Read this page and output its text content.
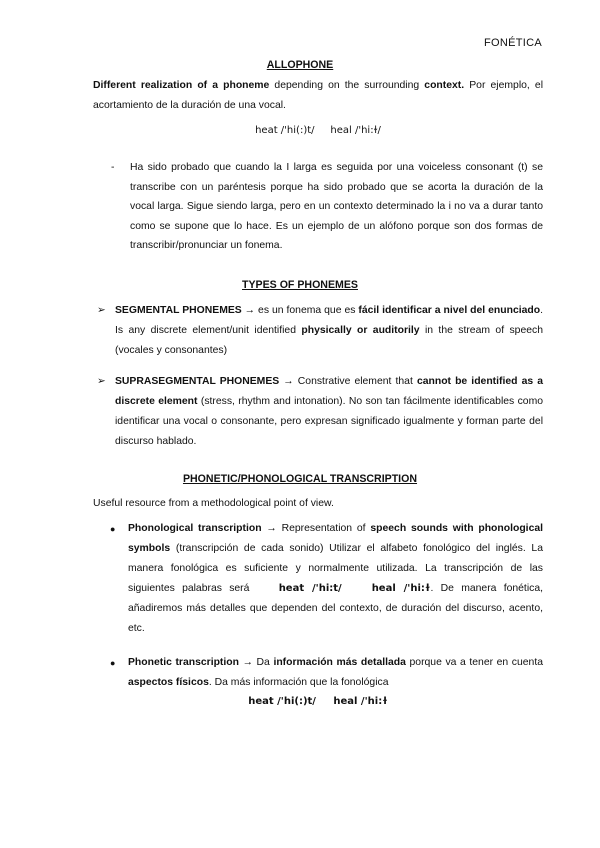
FONÉTICA
ALLOPHONE
Different realization of a phoneme depending on the surrounding context. Por ejemplo, el acortamiento de la duración de una vocal.
heat /'hi(:)t/     heal /'hi:ɫ/
- Ha sido probado que cuando la I larga es seguida por una voiceless consonant (t) se transcribe con un paréntesis porque ha sido probado que se acorta la duración de la vocal larga. Sigue siendo larga, pero en un contexto determinado la i no va a durar tanto como se supone que lo hace. Es un ejemplo de un alófono porque son dos formas de transcribir/pronunciar un fonema.
TYPES OF PHONEMES
➢ SEGMENTAL PHONEMES → es un fonema que es fácil identificar a nivel del enunciado. Is any discrete element/unit identified physically or auditorily in the stream of speech (vocales y consonantes)
➢ SUPRASEGMENTAL PHONEMES → Constrative element that cannot be identified as a discrete element (stress, rhythm and intonation). No son tan fácilmente identificables como identificar una vocal o consonante, pero expresan significado igualmente y forman parte del discurso hablado.
PHONETIC/PHONOLOGICAL TRANSCRIPTION
Useful resource from a methodological point of view.
● Phonological transcription → Representation of speech sounds with phonological symbols (transcripción de cada sonido) Utilizar el alfabeto fonológico del inglés. La manera fonológica es suficiente y normalmente utilizada. La transcripción de las siguientes palabras será heat /'hi:t/	heal /'hi:ɫ. De manera fonética, añadiremos más detalles que dependen del contexto, de duración del discurso, acento, etc.
● Phonetic transcription → Da información más detallada porque va a tener en cuenta aspectos físicos. Da más información que la fonológica
heat /'hi(:)t/     heal /'hi:ɫ
